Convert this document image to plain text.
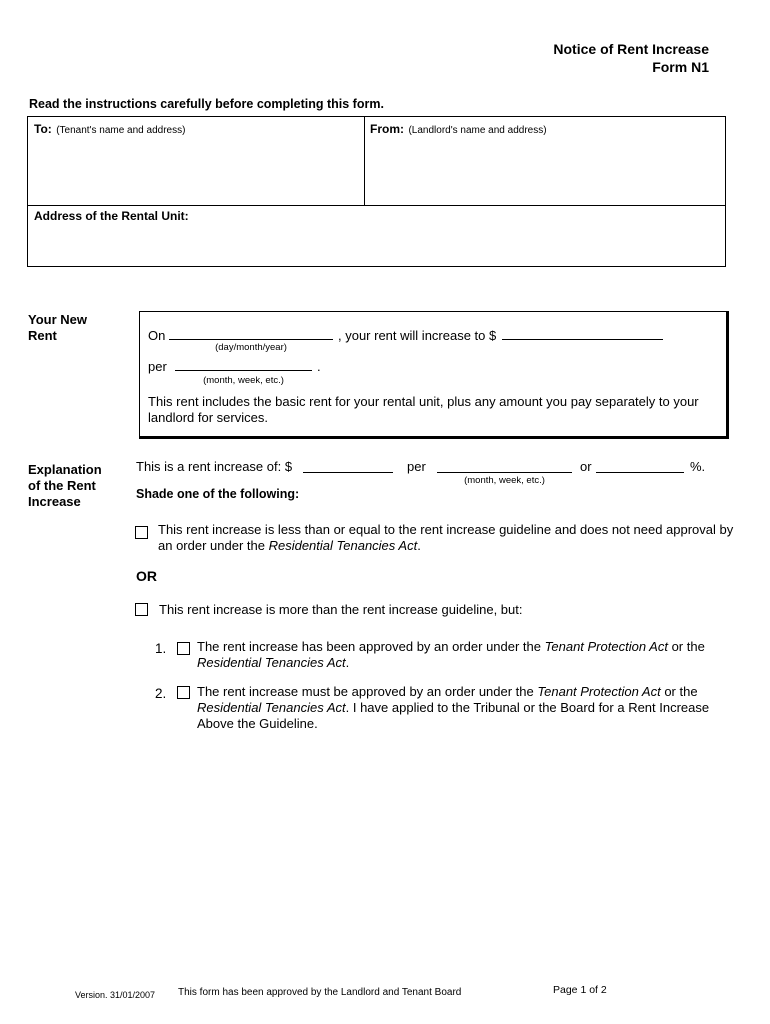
Notice of Rent Increase
Form N1
Read the instructions carefully before completing this form.
To: (Tenant's name and address)	From: (Landlord's name and address)
Address of the Rental Unit:
Your New
Rent	On	, your rent will increase to $
(day/month/year)
per	.
(month, week, etc.)
This rent includes the basic rent for your rental unit, plus any amount you pay separately to your
landlord for services.
Explanation
of the Rent
Increase
This is a rent increase of: $	per
(month, week, etc.)
or	%.
Shade one of the following:
This rent increase is less than or equal to the rent increase guideline and does not need approval by
an order under the Residential Tenancies Act.
OR
This rent increase is more than the rent increase guideline, but:
1. The rent increase has been approved by an order under the Tenant Protection Act or the
Residential Tenancies Act.
2. The rent increase must be approved by an order under the Tenant Protection Act or the
Residential Tenancies Act. I have applied to the Tribunal or the Board for a Rent Increase
Above the Guideline.
Version. 31/01/2007 This form has been approved by the Landlord and Tenant Board	Page 1 of 2
